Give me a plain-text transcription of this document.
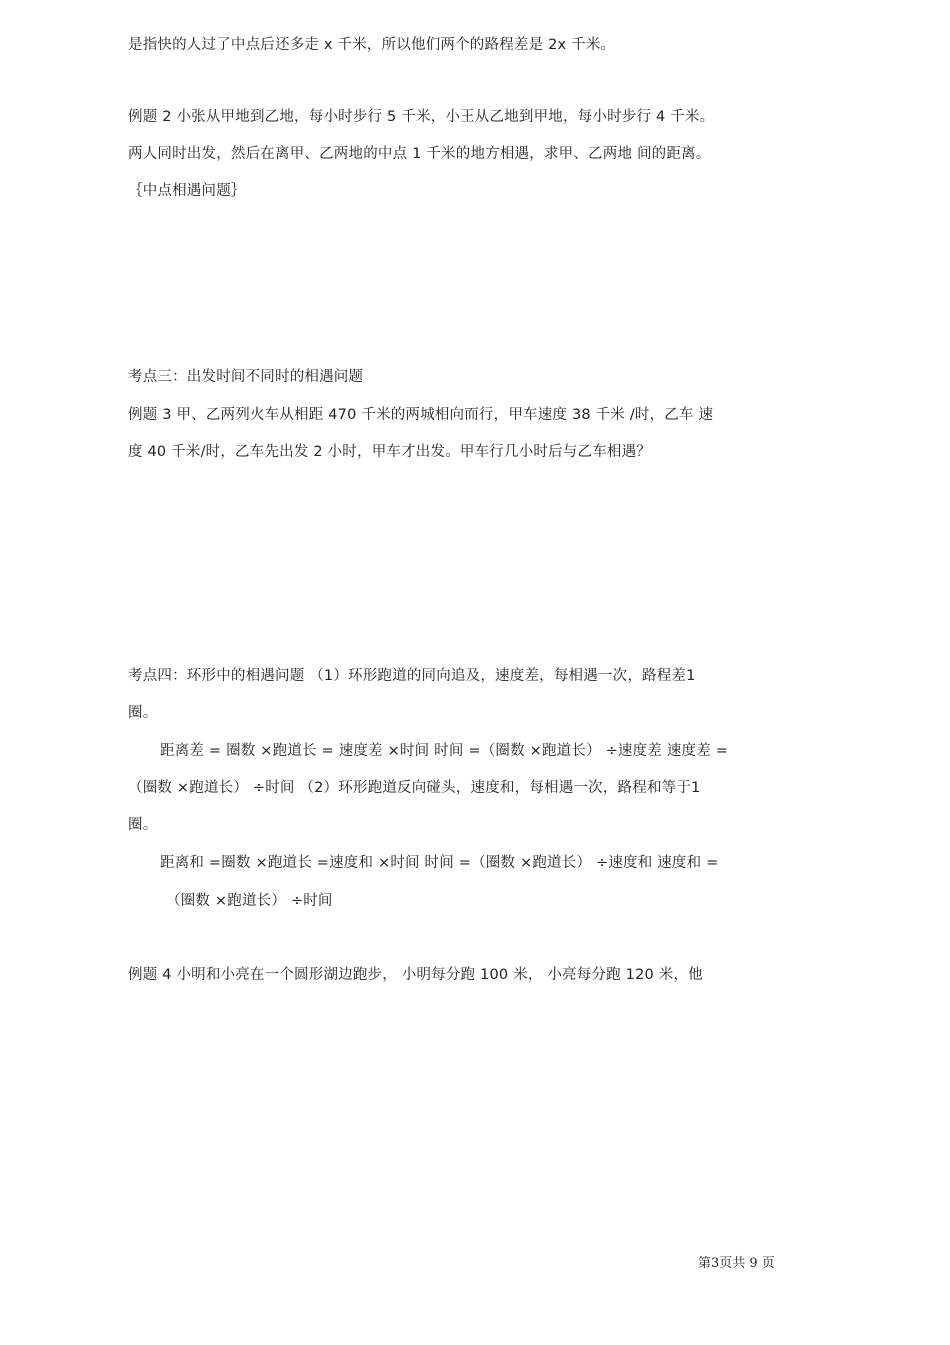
是指快的人过了中点后还多走 x 千米，所以他们两个的路程差是 2x 千米。
例题 2 小张从甲地到乙地，每小时步行 5 千米，小王从乙地到甲地，每小时步行 4 千米。
两人同时出发，然后在离甲、乙两地的中点 1 千米的地方相遇，求甲、乙两地 间的距离。
｛中点相遇问题｝
考点三：出发时间不同时的相遇问题
例题 3 甲、乙两列火车从相距 470 千米的两城相向而行，甲车速度 38 千米 /时，乙车 速
度 40 千米/时，乙车先出发 2 小时，甲车才出发。甲车行几小时后与乙车相遇？
考点四：环形中的相遇问题 （1）环形跑道的同向追及，速度差，每相遇一次，路程差1
圈。
距离差 = 圈数 ×跑道长 = 速度差 ×时间 时间 =（圈数 ×跑道长） ÷速度差 速度差 =
（圈数 ×跑道长） ÷时间 （2）环形跑道反向碰头，速度和，每相遇一次，路程和等于1
圈。
距离和 =圈数 ×跑道长 =速度和 ×时间 时间 =（圈数 ×跑道长） ÷速度和 速度和 =
（圈数 ×跑道长） ÷时间
例题 4 小明和小亮在一个圆形湖边跑步， 小明每分跑 100 米， 小亮每分跑 120 米，他
第3页共 9 页
